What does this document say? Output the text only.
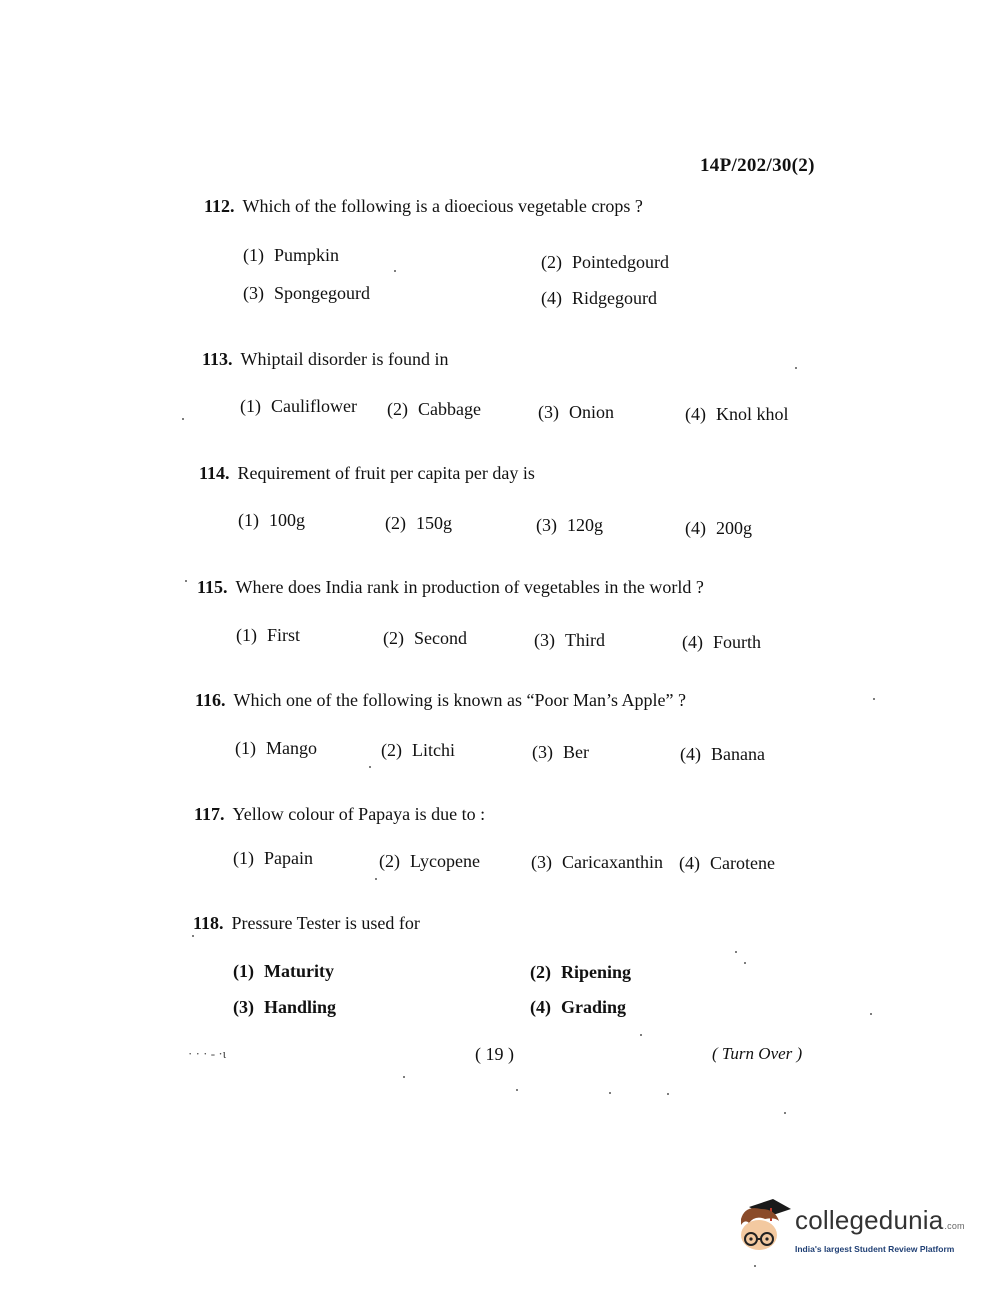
14P/202/30(2)
112. Which of the following is a dioecious vegetable crops ?
(1) Pumpkin	(2) Pointedgourd
(3) Spongegourd	(4) Ridgegourd
113. Whiptail disorder is found in
(1) Cauliflower (2) Cabbage	(3) Onion	(4) Knol khol
114. Requirement of fruit per capita per day is
(1) 100g	(2) 150g	(3) 120g	(4) 200g
115. Where does India rank in production of vegetables in the world ?
(1) First	(2) Second	(3) Third	(4) Fourth
116. Which one of the following is known as “Poor Man’s Apple” ?
(1) Mango	(2) Litchi	(3) Ber	(4) Banana
117. Yellow colour of Papaya is due to :
(1) Papain	(2) Lycopene	(3) Caricaxanthin (4) Carotene
118. Pressure Tester is used for
(1) Maturity	(2) Ripening
(3) Handling	(4) Grading
· · · - ·ι	( 19 )	( Turn Over )
collegedunia.com
India's largest Student Review Platform
